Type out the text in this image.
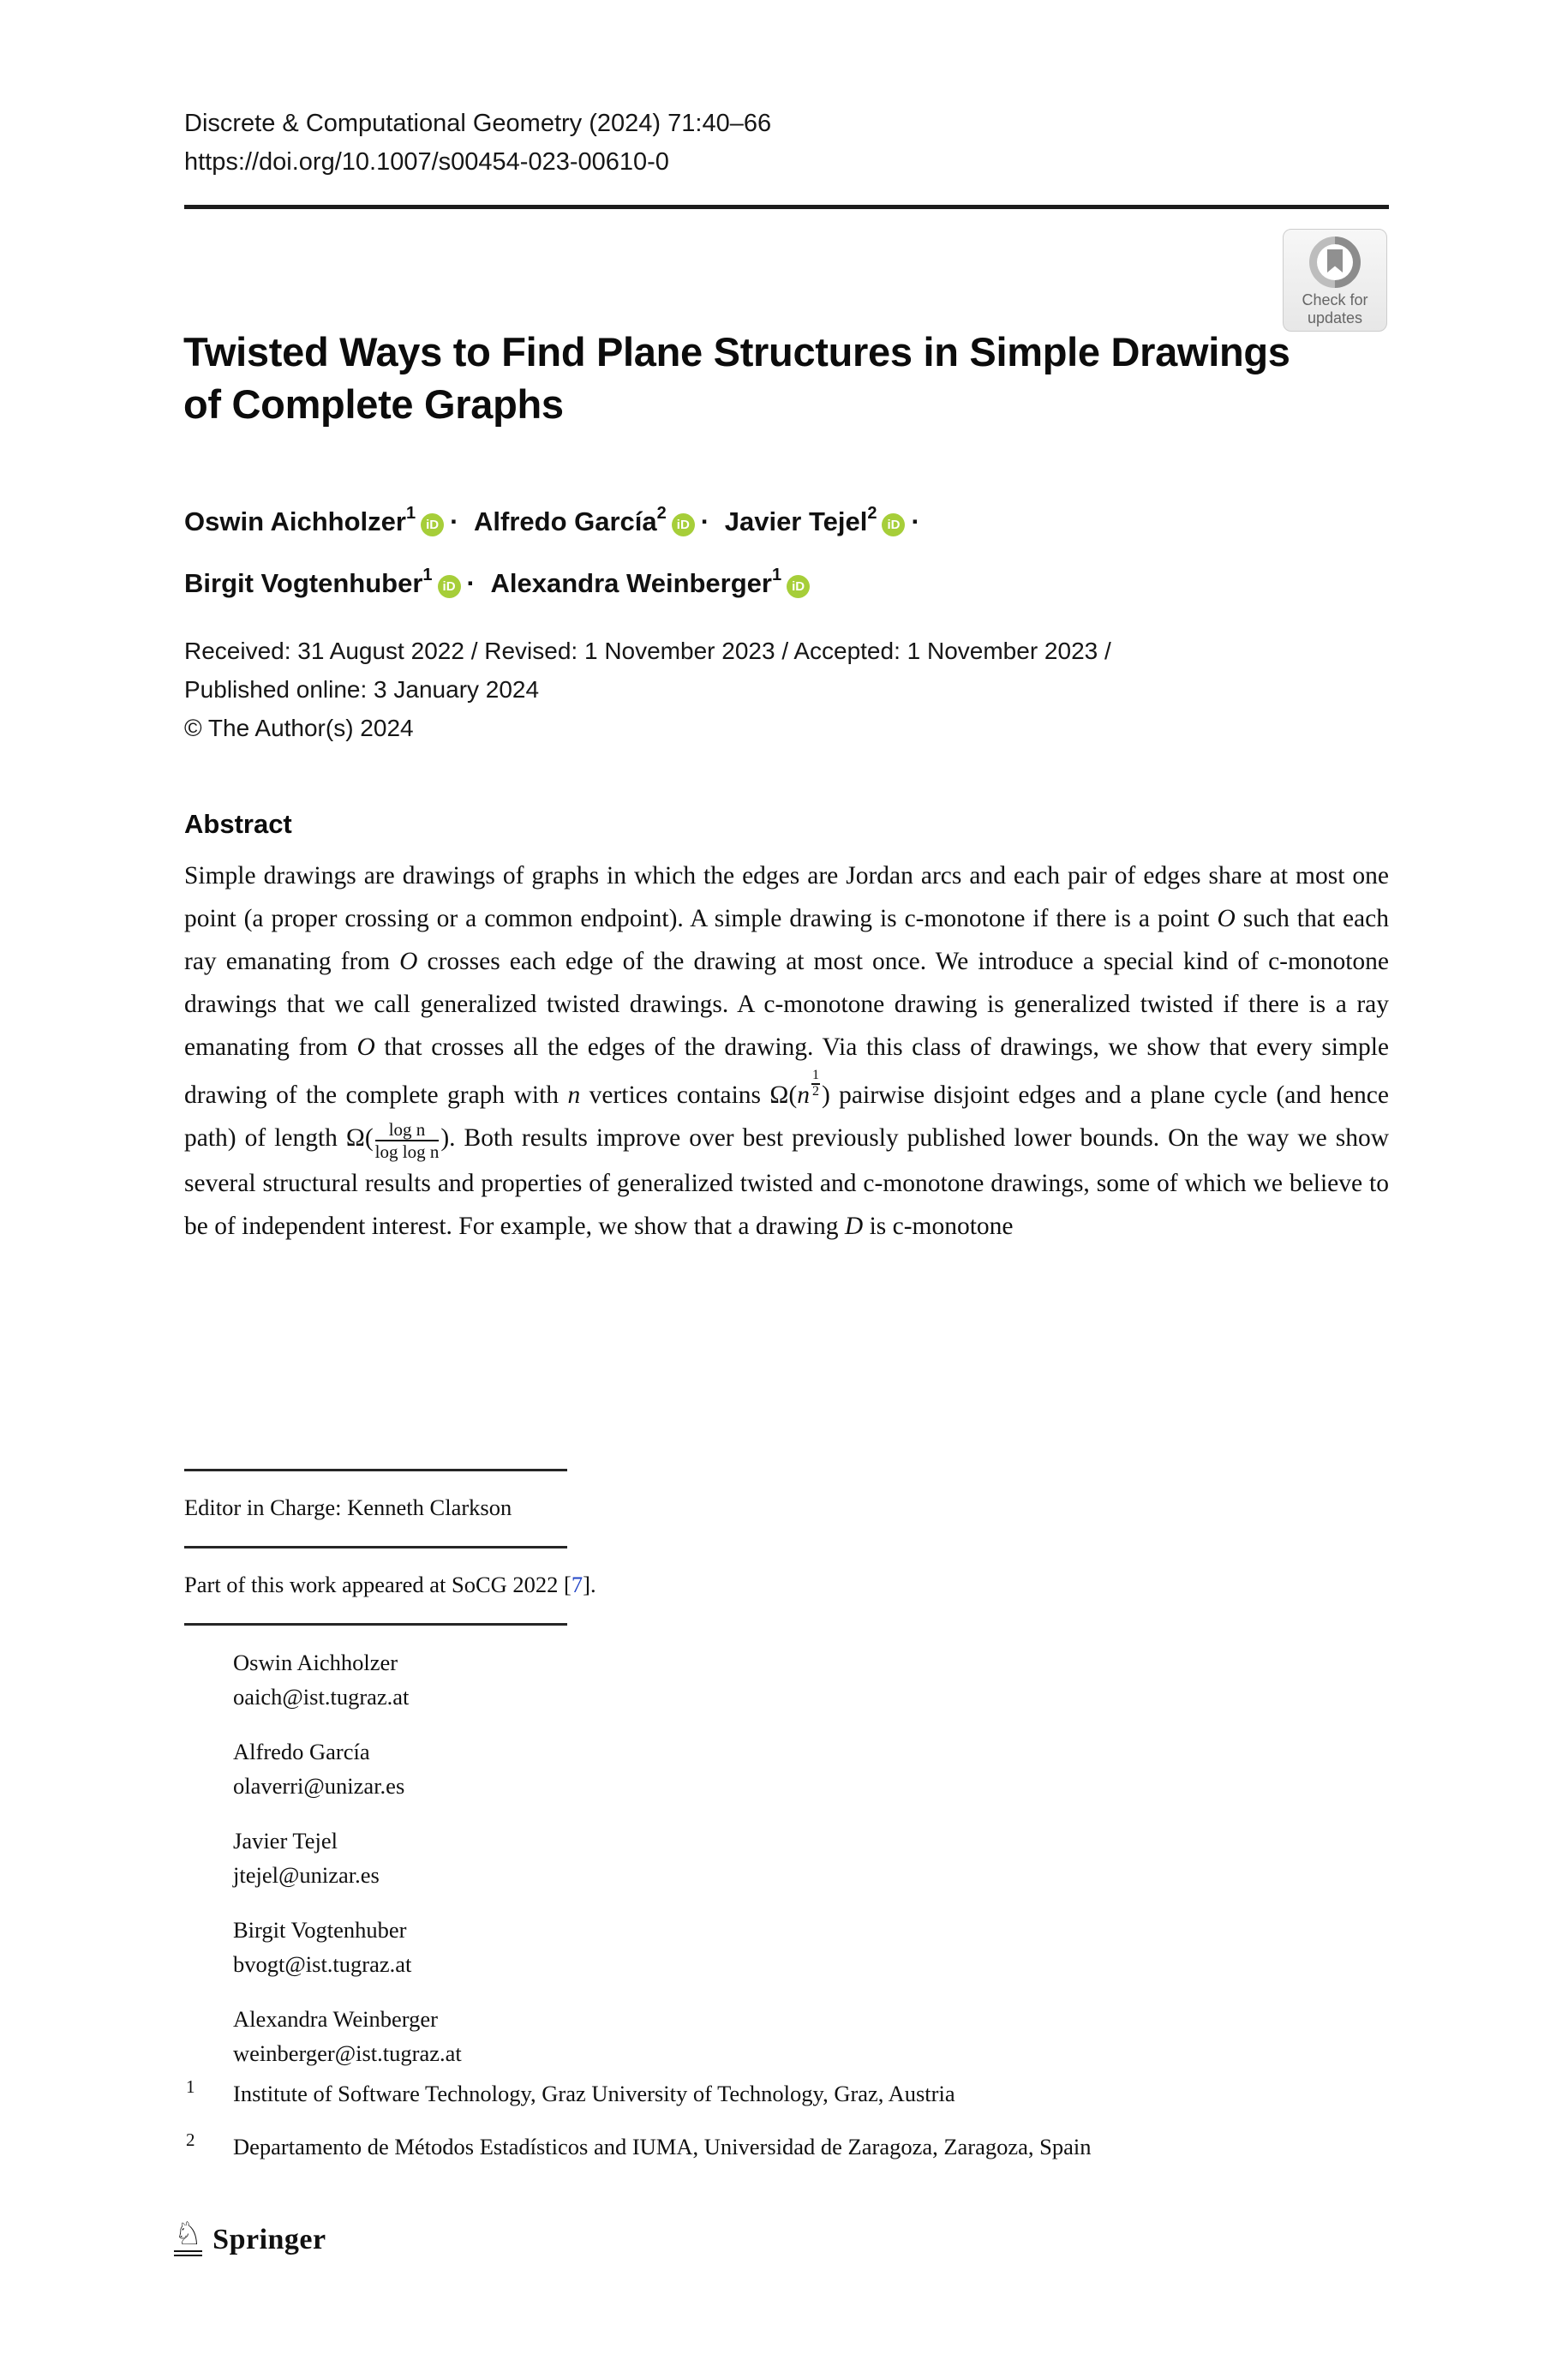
Discrete & Computational Geometry (2024) 71:40–66
https://doi.org/10.1007/s00454-023-00610-0
Check for
updates
Twisted Ways to Find Plane Structures in Simple Drawings
of Complete Graphs
Oswin Aichholzer$^1$iD · Alfredo García$^2$iD · Javier Tejel$^2$iD · Birgit Vogtenhuber$^1$iD · Alexandra Weinberger$^1$iD
Received: 31 August 2022 / Revised: 1 November 2023 / Accepted: 1 November 2023 /
Published online: 3 January 2024
© The Author(s) 2024
Abstract

Simple drawings are drawings of graphs in which the edges are Jordan arcs and each pair of edges share at most one point (a proper crossing or a common endpoint). A simple drawing is c-monotone if there is a point O such that each ray emanating from O crosses each edge of the drawing at most once. We introduce a special kind of c-monotone drawings that we call generalized twisted drawings. A c-monotone drawing is generalized twisted if there is a ray emanating from O that crosses all the edges of the drawing. Via this class of drawings, we show that every simple drawing of the complete graph with n vertices contains $\Omega(n \frac{1}{2})$ pairwise disjoint edges and a plane cycle (and hence path) of length $\Omega( \frac{\text{log n}}{\text{log log n}})$. Both results improve over best previously published lower bounds. On the way we show several structural results and properties of generalized twisted and c-monotone drawings, some of which we believe to be of independent interest. For example, we show that a drawing D is c-monotone

Editor in Charge: Kenneth Clarkson
Part of this work appeared at SoCG 2022 [7].
Oswin Aichholzer
oaich@ist.tugraz.at
Alfredo García
olaverri@unizar.es
Javier Tejel
jtejel@unizar.es
Birgit Vogtenhuber
bvogt@ist.tugraz.at
Alexandra Weinberger
weinberger@ist.tugraz.at
1 Institute of Software Technology, Graz University of Technology, Graz, Austria
2 Departamento de Métodos Estadísticos and IUMA, Universidad de Zaragoza, Zaragoza, Spain
♘ Springer
